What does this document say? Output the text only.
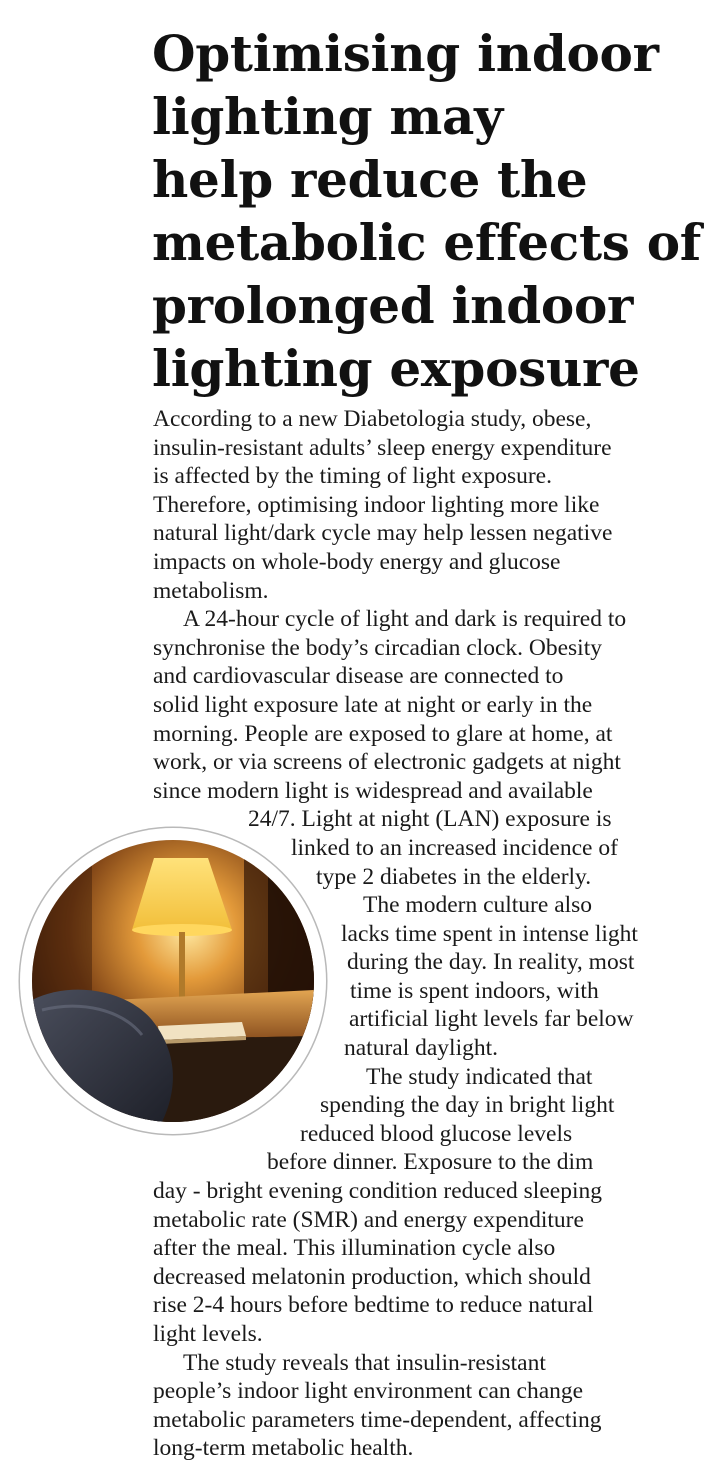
Optimising indoor
lighting may
help reduce the
metabolic effects of
prolonged indoor
lighting exposure
According to a new Diabetologia study, obese,
insulin-resistant adults’ sleep energy expenditure
is affected by the timing of light exposure.
Therefore, optimising indoor lighting more like
natural light/dark cycle may help lessen negative
impacts on whole-body energy and glucose
metabolism.
A 24-hour cycle of light and dark is required to
synchronise the body’s circadian clock. Obesity
and cardiovascular disease are connected to
solid light exposure late at night or early in the
morning. People are exposed to glare at home, at
work, or via screens of electronic gadgets at night
since modern light is widespread and available
24/7. Light at night (LAN) exposure is
linked to an increased incidence of
type 2 diabetes in the elderly.
The modern culture also
lacks time spent in intense light
during the day. In reality, most
time is spent indoors, with
artificial light levels far below
natural daylight.
The study indicated that
spending the day in bright light
reduced blood glucose levels
before dinner. Exposure to the dim
day - bright evening condition reduced sleeping
metabolic rate (SMR) and energy expenditure
after the meal. This illumination cycle also
decreased melatonin production, which should
rise 2-4 hours before bedtime to reduce natural
light levels.
The study reveals that insulin-resistant
people’s indoor light environment can change
metabolic parameters time-dependent, affecting
long-term metabolic health.
